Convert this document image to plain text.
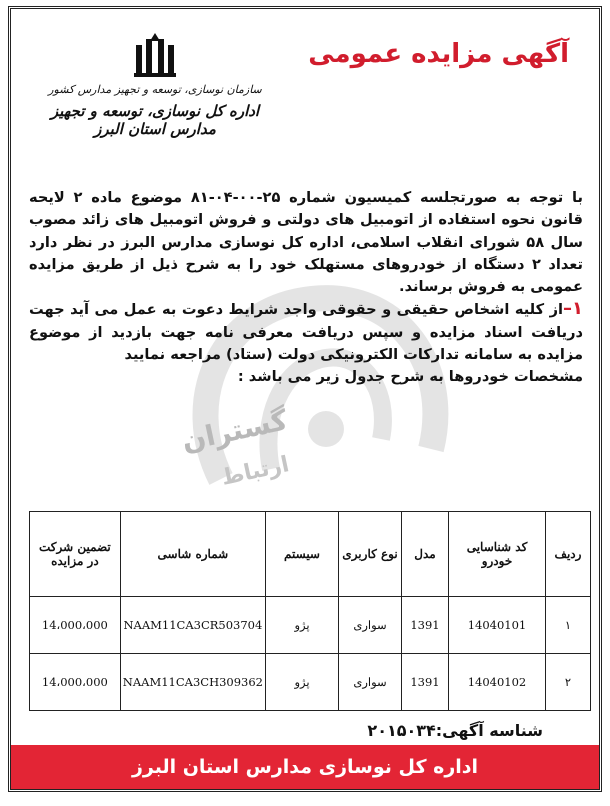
گستران
ارتباط
آگهی مزایده عمومی
سازمان نوسازی، توسعه و تجهیز مدارس کشور
اداره کل نوسازی، توسعه و تجهیز مدارس استان البرز

با توجه به صورتجلسه کمیسیون شماره ۲۵-۰۰-۰۴-۸۱ موضوع ماده ۲ لایحه قانون نحوه استفاده از اتومبیل های دولتی و فروش اتومبیل های زائد مصوب سال ۵۸ شورای انقلاب اسلامی، اداره کل نوسازی مدارس البرز در نظر دارد تعداد ۲ دستگاه از خودروهای مستهلک خود را به شرح ذیل از طریق مزایده عمومی به فروش برساند.

۱–از کلیه اشخاص حقیقی و حقوقی واجد شرایط دعوت به عمل می آید جهت دریافت اسناد مزایده و سپس دریافت معرفی نامه جهت بازدید از موضوع مزایده به سامانه تدارکات الکترونیکی دولت (ستاد) مراجعه نمایید

مشخصات خودروها به شرح جدول زیر می باشد :

ردیف	کد شناسایی خودرو	مدل	نوع کاربری	سیستم	شماره شاسی	تضمین شرکت در مزایده
۱	14040101	1391	سواری	پژو	NAAM11CA3CR503704	14،000،000
۲	14040102	1391	سواری	پژو	NAAM11CA3CH309362	14،000،000
شناسه آگهی:۲۰۱۵۰۳۴
اداره کل نوسازی مدارس استان البرز
